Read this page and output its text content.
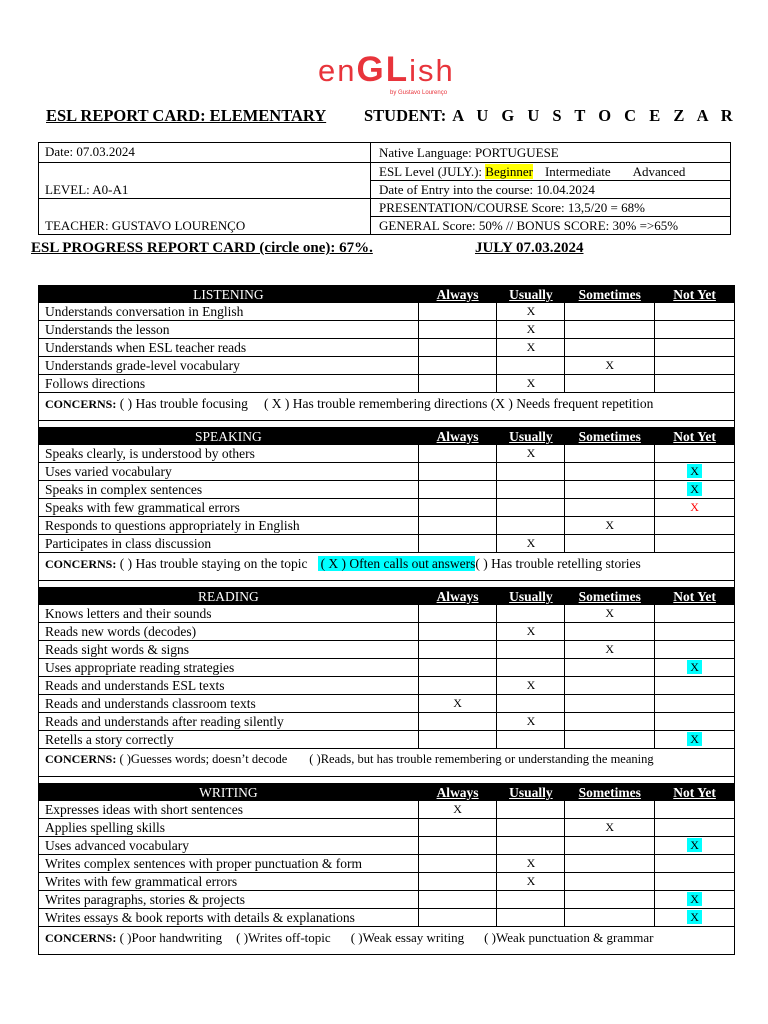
enGLish
by Gustavo Lourenço
ESL REPORT CARD: ELEMENTARY STUDENT: A U G U S T O C E Z A R
Date: 07.03.2024	Native Language: PORTUGUESE
LEVEL: A0-A1	ESL Level (JULY.): Beginner Intermediate Advanced
	Date of Entry into the course: 10.04.2024
TEACHER: GUSTAVO LOURENÇO	PRESENTATION/COURSE Score: 13,5/20 = 68%
	GENERAL Score: 50% // BONUS SCORE: 30% =>65%
ESL PROGRESS REPORT CARD (circle one): 67%.	JULY 07.03.2024
LISTENING	Always	Usually	Sometimes	Not Yet
Understands conversation in English		X		
Understands the lesson		X		
Understands when ESL teacher reads		X		
Understands grade-level vocabulary			X	
Follows directions		X		
CONCERNS: ( ) Has trouble focusing ( X ) Has trouble remembering directions (X ) Needs frequent repetition				

SPEAKING	Always	Usually	Sometimes	Not Yet
Speaks clearly, is understood by others		X		
Uses varied vocabulary				X
Speaks in complex sentences				X
Speaks with few grammatical errors				X
Responds to questions appropriately in English			X	
Participates in class discussion		X		
CONCERNS: ( ) Has trouble staying on the topic ( X ) Often calls out answers( ) Has trouble retelling stories				

READING	Always	Usually	Sometimes	Not Yet
Knows letters and their sounds			X	
Reads new words (decodes)		X		
Reads sight words & signs			X	
Uses appropriate reading strategies				X
Reads and understands ESL texts		X		
Reads and understands classroom texts	X			
Reads and understands after reading silently		X		
Retells a story correctly				X
CONCERNS: ( )Guesses words; doesn’t decode ( )Reads, but has trouble remembering or understanding the meaning				

WRITING	Always	Usually	Sometimes	Not Yet
Expresses ideas with short sentences	X			
Applies spelling skills			X	
Uses advanced vocabulary				X
Writes complex sentences with proper punctuation & form		X		
Writes with few grammatical errors		X		
Writes paragraphs, stories & projects				X
Writes essays & book reports with details & explanations				X
CONCERNS: ( )Poor handwriting ( )Writes off-topic ( )Weak essay writing ( )Weak punctuation & grammar				
